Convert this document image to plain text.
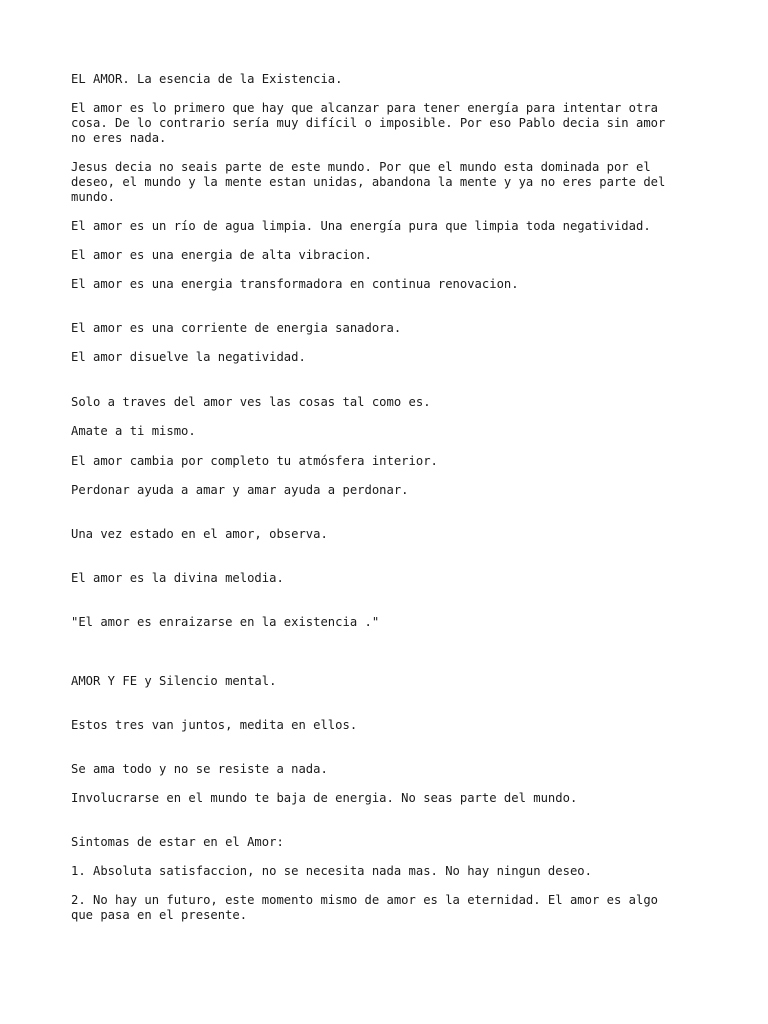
EL AMOR. La esencia de la Existencia.

El amor es lo primero que hay que alcanzar para tener energía para intentar otra
cosa. De lo contrario sería muy difícil o imposible. Por eso Pablo decia sin amor
no eres nada.

Jesus decia no seais parte de este mundo. Por que el mundo esta dominada por el
deseo, el mundo y la mente estan unidas, abandona la mente y ya no eres parte del
mundo.

El amor es un río de agua limpia. Una energía pura que limpia toda negatividad.

El amor es una energia de alta vibracion.

El amor es una energia transformadora en continua renovacion.

El amor es una corriente de energia sanadora.

El amor disuelve la negatividad.

Solo a traves del amor ves las cosas tal como es.

Amate a ti mismo.

El amor cambia por completo tu atmósfera interior.

Perdonar ayuda a amar y amar ayuda a perdonar.

Una vez estado en el amor, observa.

El amor es la divina melodia.

"El amor es enraizarse en la existencia ."

AMOR Y FE y Silencio mental.

Estos tres van juntos, medita en ellos.

Se ama todo y no se resiste a nada.

Involucrarse en el mundo te baja de energia. No seas parte del mundo.

Sintomas de estar en el Amor:

1. Absoluta satisfaccion, no se necesita nada mas. No hay ningun deseo.

2. No hay un futuro, este momento mismo de amor es la eternidad. El amor es algo
que pasa en el presente.
